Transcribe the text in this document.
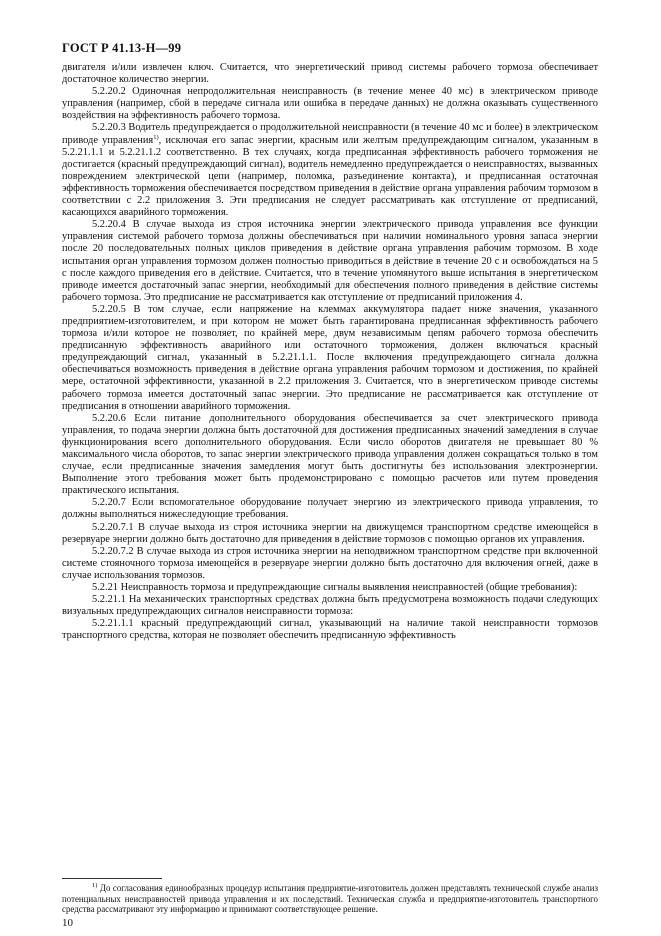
ГОСТ Р 41.13-Н—99

двигателя и/или извлечен ключ. Считается, что энергетический привод системы рабочего тормоза обеспечивает достаточное количество энергии.

5.2.20.2 Одиночная непродолжительная неисправность (в течение менее 40 мс) в электрическом приводе управления (например, сбой в передаче сигнала или ошибка в передаче данных) не должна оказывать существенного воздействия на эффективность рабочего тормоза.

5.2.20.3 Водитель предупреждается о продолжительной неисправности (в течение 40 мс и более) в электрическом приводе управления$^{1)}$, исключая его запас энергии, красным или желтым предупреждающим сигналом, указанным в 5.2.21.1.1 и 5.2.21.1.2 соответственно. В тех случаях, когда предписанная эффективность рабочего торможения не достигается (красный предупреждающий сигнал), водитель немедленно предупреждается о неисправностях, вызванных повреждением электрической цепи (например, поломка, разъединение контакта), и предписанная остаточная эффективность торможения обеспечивается посредством приведения в действие органа управления рабочим тормозом в соответствии с 2.2 приложения 3. Эти предписания не следует рассматривать как отступление от предписаний, касающихся аварийного торможения.

5.2.20.4 В случае выхода из строя источника энергии электрического привода управления все функции управления системой рабочего тормоза должны обеспечиваться при наличии номинального уровня запаса энергии после 20 последовательных полных циклов приведения в действие органа управления рабочим тормозом. В ходе испытания орган управления тормозом должен полностью приводиться в действие в течение 20 с и освобождаться на 5 с после каждого приведения его в действие. Считается, что в течение упомянутого выше испытания в энергетическом приводе имеется достаточный запас энергии, необходимый для обеспечения полного приведения в действие системы рабочего тормоза. Это предписание не рассматривается как отступление от предписаний приложения 4.

5.2.20.5 В том случае, если напряжение на клеммах аккумулятора падает ниже значения, указанного предприятием-изготовителем, и при котором не может быть гарантирована предписанная эффективность рабочего тормоза и/или которое не позволяет, по крайней мере, двум независимым цепям рабочего тормоза обеспечить предписанную эффективность аварийного или остаточного торможения, должен включаться красный предупреждающий сигнал, указанный в 5.2.21.1.1. После включения предупреждающего сигнала должна обеспечиваться возможность приведения в действие органа управления рабочим тормозом и достижения, по крайней мере, остаточной эффективности, указанной в 2.2 приложения 3. Считается, что в энергетическом приводе системы рабочего тормоза имеется достаточный запас энергии. Это предписание не рассматривается как отступление от предписания в отношении аварийного торможения.

5.2.20.6 Если питание дополнительного оборудования обеспечивается за счет электрического привода управления, то подача энергии должна быть достаточной для достижения предписанных значений замедления в случае функционирования всего дополнительного оборудования. Если число оборотов двигателя не превышает 80 % максимального числа оборотов, то запас энергии электрического привода управления должен сокращаться только в том случае, если предписанные значения замедления могут быть достигнуты без использования электроэнергии. Выполнение этого требования может быть продемонстрировано с помощью расчетов или путем проведения практического испытания.

5.2.20.7 Если вспомогательное оборудование получает энергию из электрического привода управления, то должны выполняться нижеследующие требования.

5.2.20.7.1 В случае выхода из строя источника энергии на движущемся транспортном средстве имеющейся в резервуаре энергии должно быть достаточно для приведения в действие тормозов с помощью органов их управления.

5.2.20.7.2 В случае выхода из строя источника энергии на неподвижном транспортном средстве при включенной системе стояночного тормоза имеющейся в резервуаре энергии должно быть достаточно для включения огней, даже в случае использования тормозов.

5.2.21 Неисправность тормоза и предупреждающие сигналы выявления неисправностей (общие требования):

5.2.21.1 На механических транспортных средствах должна быть предусмотрена возможность подачи следующих визуальных предупреждающих сигналов неисправности тормоза:

5.2.21.1.1 красный предупреждающий сигнал, указывающий на наличие такой неисправности тормозов транспортного средства, которая не позволяет обеспечить предписанную эффективность

$^{1)}$ До согласования единообразных процедур испытания предприятие-изготовитель должен представлять технической службе анализ потенциальных неисправностей привода управления и их последствий. Техническая служба и предприятие-изготовитель транспортного средства рассматривают эту информацию и принимают соответствующее решение.

10
